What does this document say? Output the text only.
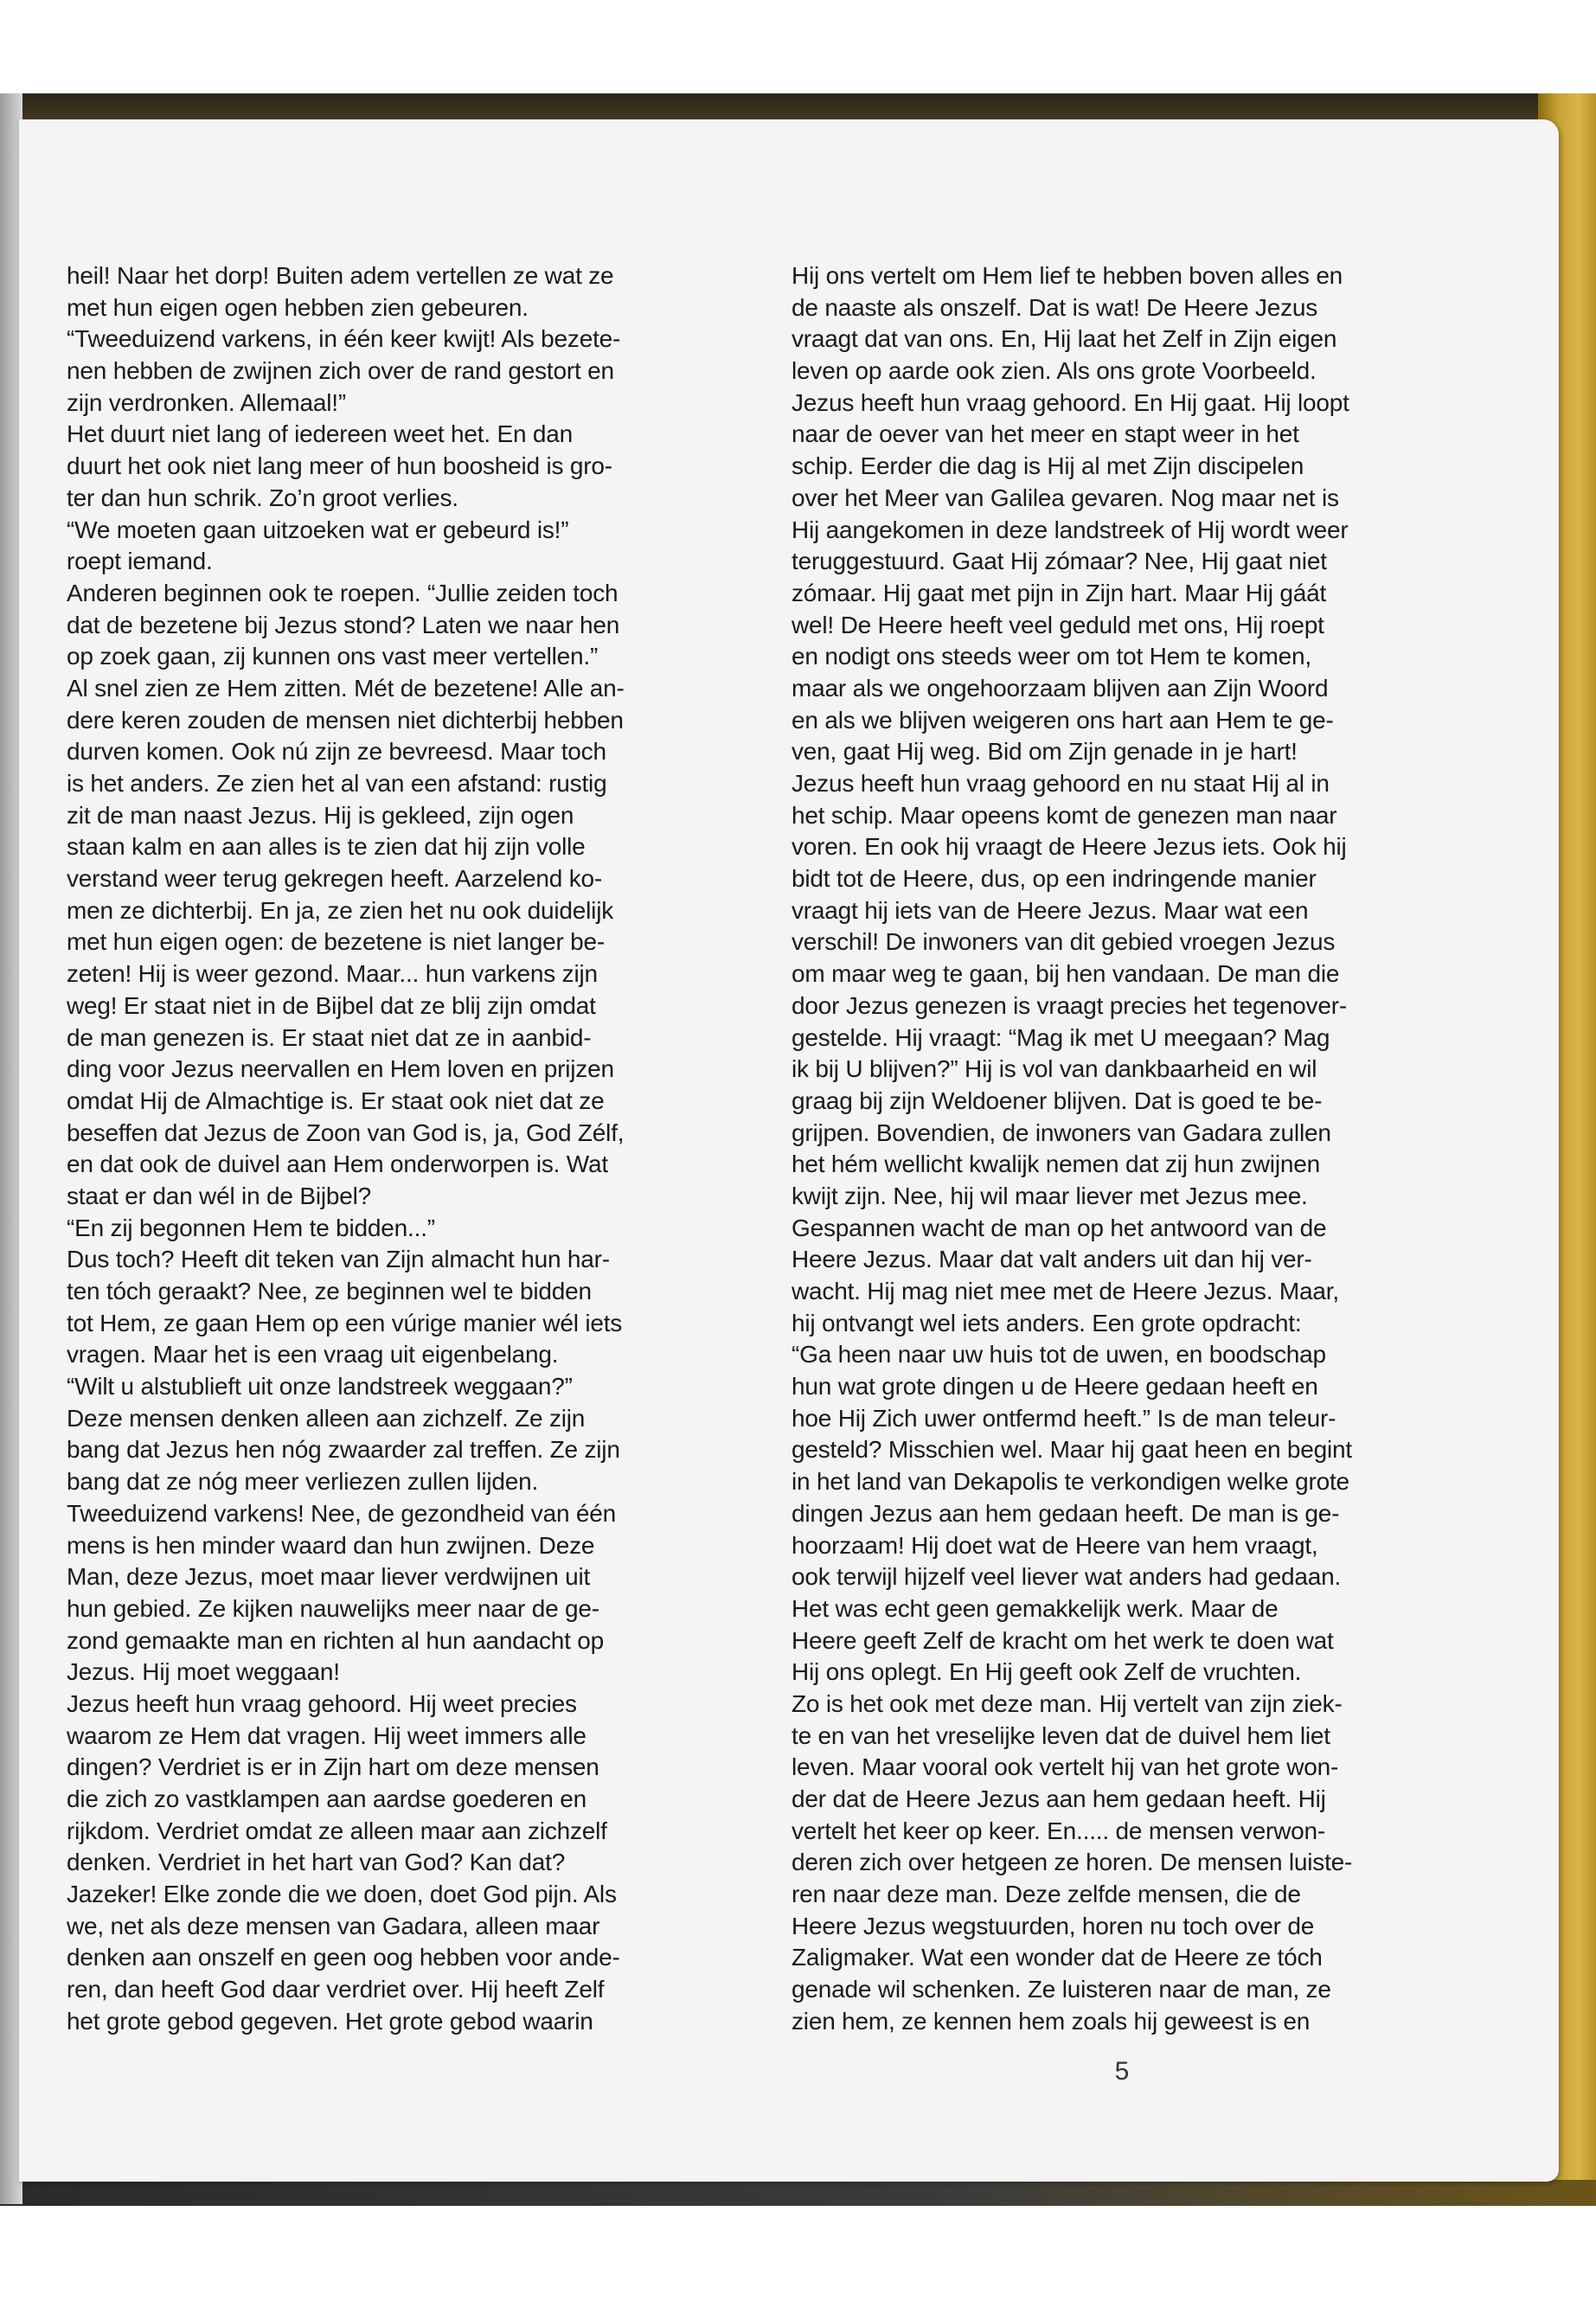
heil! Naar het dorp! Buiten adem vertellen ze wat ze
met hun eigen ogen hebben zien gebeuren.
“Tweeduizend varkens, in één keer kwijt! Als bezete-
nen hebben de zwijnen zich over de rand gestort en
zijn verdronken. Allemaal!”
Het duurt niet lang of iedereen weet het. En dan
duurt het ook niet lang meer of hun boosheid is gro-
ter dan hun schrik. Zo’n groot verlies.
“We moeten gaan uitzoeken wat er gebeurd is!”
roept iemand.
Anderen beginnen ook te roepen. “Jullie zeiden toch
dat de bezetene bij Jezus stond? Laten we naar hen
op zoek gaan, zij kunnen ons vast meer vertellen.”
Al snel zien ze Hem zitten. Mét de bezetene! Alle an-
dere keren zouden de mensen niet dichterbij hebben
durven komen. Ook nú zijn ze bevreesd. Maar toch
is het anders. Ze zien het al van een afstand: rustig
zit de man naast Jezus. Hij is gekleed, zijn ogen
staan kalm en aan alles is te zien dat hij zijn volle
verstand weer terug gekregen heeft. Aarzelend ko-
men ze dichterbij. En ja, ze zien het nu ook duidelijk
met hun eigen ogen: de bezetene is niet langer be-
zeten! Hij is weer gezond. Maar... hun varkens zijn
weg! Er staat niet in de Bijbel dat ze blij zijn omdat
de man genezen is. Er staat niet dat ze in aanbid-
ding voor Jezus neervallen en Hem loven en prijzen
omdat Hij de Almachtige is. Er staat ook niet dat ze
beseffen dat Jezus de Zoon van God is, ja, God Zélf,
en dat ook de duivel aan Hem onderworpen is. Wat
staat er dan wél in de Bijbel?
“En zij begonnen Hem te bidden...”
Dus toch? Heeft dit teken van Zijn almacht hun har-
ten tóch geraakt? Nee, ze beginnen wel te bidden
tot Hem, ze gaan Hem op een vúrige manier wél iets
vragen. Maar het is een vraag uit eigenbelang.
“Wilt u alstublieft uit onze landstreek weggaan?”
Deze mensen denken alleen aan zichzelf. Ze zijn
bang dat Jezus hen nóg zwaarder zal treffen. Ze zijn
bang dat ze nóg meer verliezen zullen lijden.
Tweeduizend varkens! Nee, de gezondheid van één
mens is hen minder waard dan hun zwijnen. Deze
Man, deze Jezus, moet maar liever verdwijnen uit
hun gebied. Ze kijken nauwelijks meer naar de ge-
zond gemaakte man en richten al hun aandacht op
Jezus. Hij moet weggaan!
Jezus heeft hun vraag gehoord. Hij weet precies
waarom ze Hem dat vragen. Hij weet immers alle
dingen? Verdriet is er in Zijn hart om deze mensen
die zich zo vastklampen aan aardse goederen en
rijkdom. Verdriet omdat ze alleen maar aan zichzelf
denken. Verdriet in het hart van God? Kan dat?
Jazeker! Elke zonde die we doen, doet God pijn. Als
we, net als deze mensen van Gadara, alleen maar
denken aan onszelf en geen oog hebben voor ande-
ren, dan heeft God daar verdriet over. Hij heeft Zelf
het grote gebod gegeven. Het grote gebod waarin
Hij ons vertelt om Hem lief te hebben boven alles en
de naaste als onszelf. Dat is wat! De Heere Jezus
vraagt dat van ons. En, Hij laat het Zelf in Zijn eigen
leven op aarde ook zien. Als ons grote Voorbeeld.
Jezus heeft hun vraag gehoord. En Hij gaat. Hij loopt
naar de oever van het meer en stapt weer in het
schip. Eerder die dag is Hij al met Zijn discipelen
over het Meer van Galilea gevaren. Nog maar net is
Hij aangekomen in deze landstreek of Hij wordt weer
teruggestuurd. Gaat Hij zómaar? Nee, Hij gaat niet
zómaar. Hij gaat met pijn in Zijn hart. Maar Hij gáát
wel! De Heere heeft veel geduld met ons, Hij roept
en nodigt ons steeds weer om tot Hem te komen,
maar als we ongehoorzaam blijven aan Zijn Woord
en als we blijven weigeren ons hart aan Hem te ge-
ven, gaat Hij weg. Bid om Zijn genade in je hart!
Jezus heeft hun vraag gehoord en nu staat Hij al in
het schip. Maar opeens komt de genezen man naar
voren. En ook hij vraagt de Heere Jezus iets. Ook hij
bidt tot de Heere, dus, op een indringende manier
vraagt hij iets van de Heere Jezus. Maar wat een
verschil! De inwoners van dit gebied vroegen Jezus
om maar weg te gaan, bij hen vandaan. De man die
door Jezus genezen is vraagt precies het tegenover-
gestelde. Hij vraagt: “Mag ik met U meegaan? Mag
ik bij U blijven?” Hij is vol van dankbaarheid en wil
graag bij zijn Weldoener blijven. Dat is goed te be-
grijpen. Bovendien, de inwoners van Gadara zullen
het hém wellicht kwalijk nemen dat zij hun zwijnen
kwijt zijn. Nee, hij wil maar liever met Jezus mee.
Gespannen wacht de man op het antwoord van de
Heere Jezus. Maar dat valt anders uit dan hij ver-
wacht. Hij mag niet mee met de Heere Jezus. Maar,
hij ontvangt wel iets anders. Een grote opdracht:
“Ga heen naar uw huis tot de uwen, en boodschap
hun wat grote dingen u de Heere gedaan heeft en
hoe Hij Zich uwer ontfermd heeft.” Is de man teleur-
gesteld? Misschien wel. Maar hij gaat heen en begint
in het land van Dekapolis te verkondigen welke grote
dingen Jezus aan hem gedaan heeft. De man is ge-
hoorzaam! Hij doet wat de Heere van hem vraagt,
ook terwijl hijzelf veel liever wat anders had gedaan.
Het was echt geen gemakkelijk werk. Maar de
Heere geeft Zelf de kracht om het werk te doen wat
Hij ons oplegt. En Hij geeft ook Zelf de vruchten.
Zo is het ook met deze man. Hij vertelt van zijn ziek-
te en van het vreselijke leven dat de duivel hem liet
leven. Maar vooral ook vertelt hij van het grote won-
der dat de Heere Jezus aan hem gedaan heeft. Hij
vertelt het keer op keer. En..... de mensen verwon-
deren zich over hetgeen ze horen. De mensen luiste-
ren naar deze man. Deze zelfde mensen, die de
Heere Jezus wegstuurden, horen nu toch over de
Zaligmaker. Wat een wonder dat de Heere ze tóch
genade wil schenken. Ze luisteren naar de man, ze
zien hem, ze kennen hem zoals hij geweest is en
5
